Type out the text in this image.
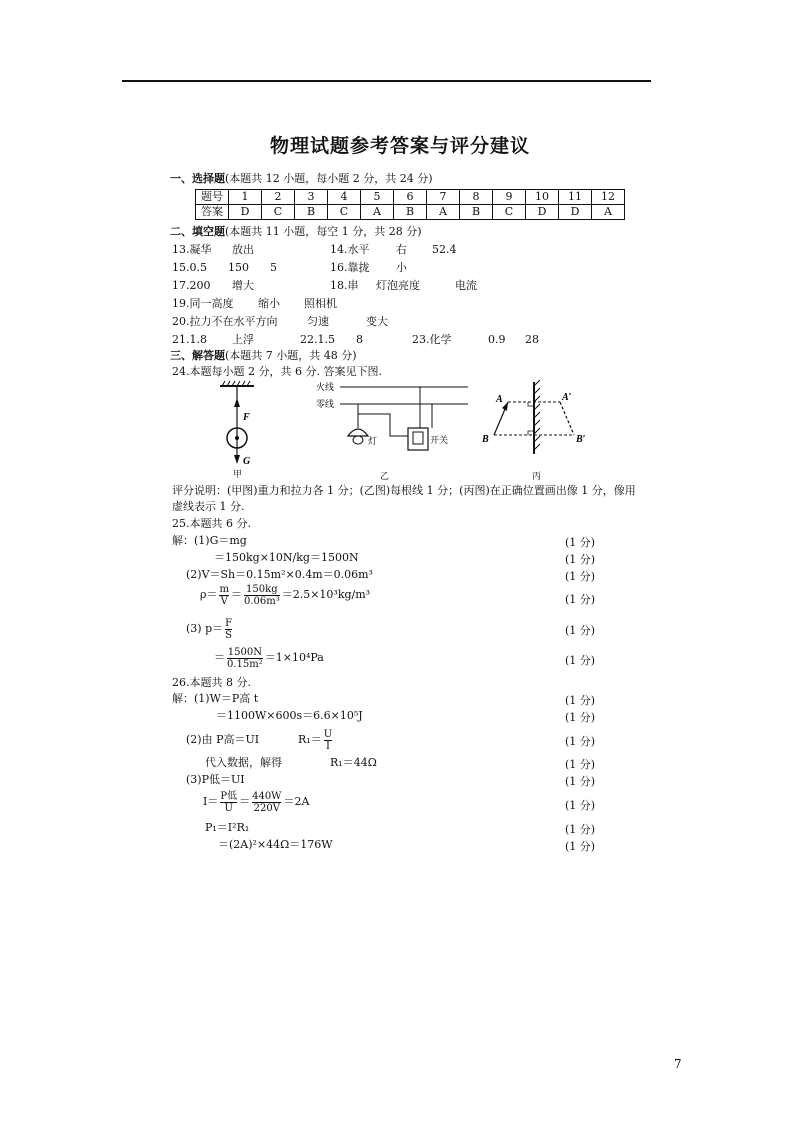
物理试题参考答案与评分建议
一、选择题(本题共 12 小题，每小题 2 分，共 24 分)
题号	1	2	3	4	5	6	7	8	9	10	11	12
答案	D	C	B	C	A	B	A	B	C	D	D	A
二、填空题(本题共 11 小题，每空 1 分，共 28 分)
13.凝华 放出	14.水平 右 52.4
15.0.5 150 5	16.靠拢 小
17.200 增大	18.串 灯泡亮度	电流
19.同一高度 缩小 照相机
20.拉力不在水平方向	匀速	变大
21.1.8 上浮	22.1.5 8	23.化学	0.9 28
三、解答题(本题共 7 小题，共 48 分)
24.本题每小题 2 分，共 6 分. 答案见下图.
F
G
甲
火线
零线
灯	开关
乙
A	A′
B	B′
丙
评分说明：(甲图)重力和拉力各 1 分；(乙图)每根线 1 分；(丙图)在正确位置画出像 1 分，像用
虚线表示 1 分.
25.本题共 6 分.
解：(1)G＝mg	(1 分)
＝150kg×10N/kg＝1500N	(1 分)
(2)V＝Sh＝0.15m²×0.4m＝0.06m³	(1 分)
$\rho= \frac{m}{V} = \frac{150kg}{\text{0.06m³}} =2.5\times 10^3kg/m^3$	(1 分)
(3) $p= \frac{F}{S}$	(1 分)
＝ $\frac{1500N}{\text{0.15m²}} =1\times 10^4Pa$	(1 分)
26.本题共 8 分.
解：(1)W＝P高 t	(1 分)
＝1100W×600s＝6.6×10⁵J	(1 分)
(2)由 P高＝UI	$R_1= \frac{U}{I}$	(1 分)
代入数据，解得	R₁＝44Ω	(1 分)
(3)P低＝UI	(1 分)
$I= \frac{\text{P低}}{U} = \frac{440W}{220V} =2A$	(1 分)
P₁＝I²R₁	(1 分)
＝(2A)²×44Ω＝176W	(1 分)
7
